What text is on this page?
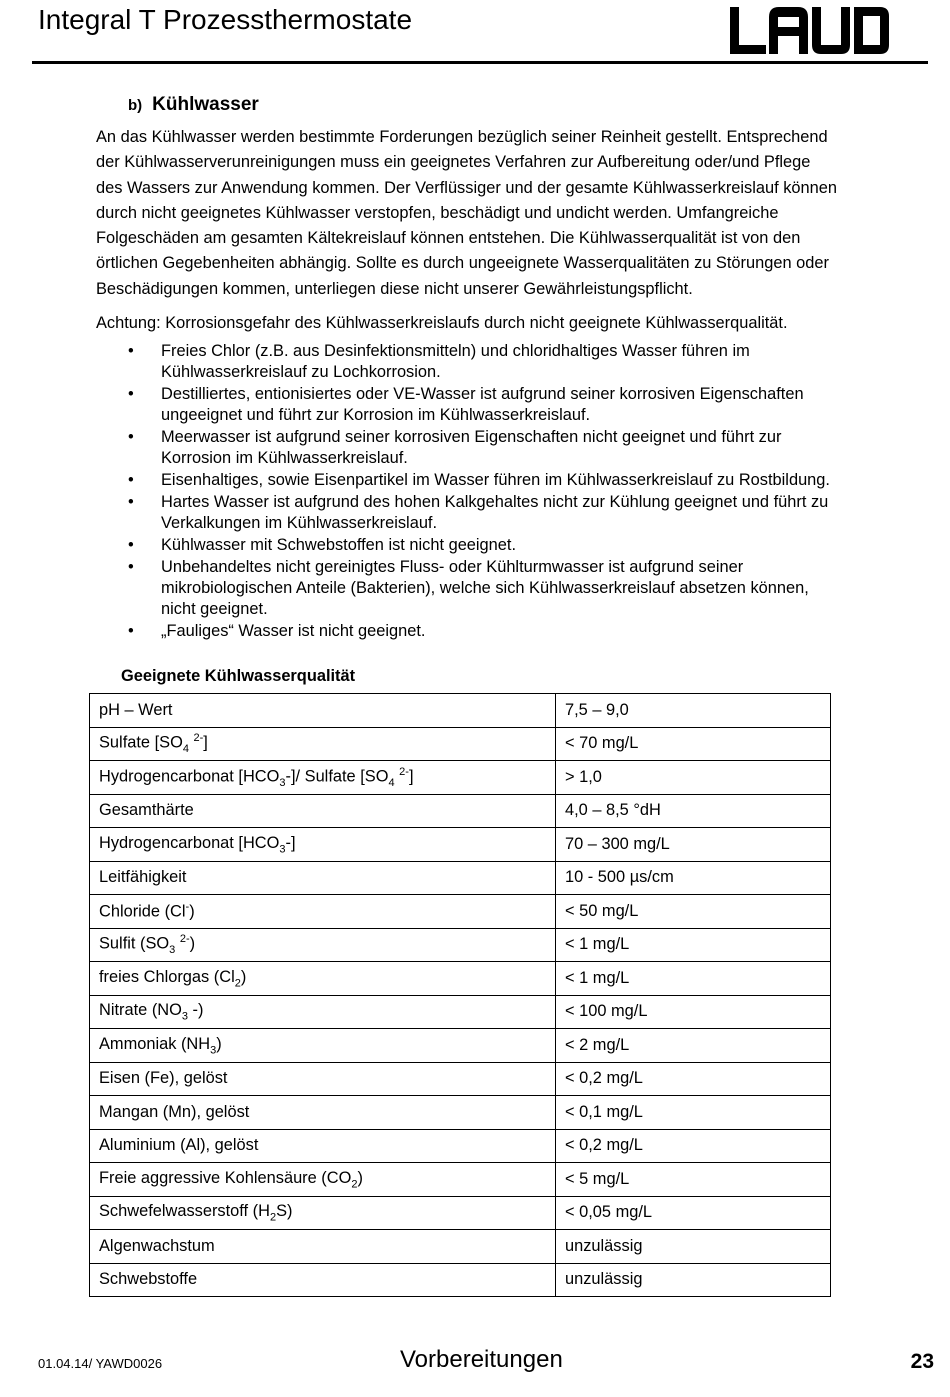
Integral T Prozessthermostate
b) Kühlwasser

An das Kühlwasser werden bestimmte Forderungen bezüglich seiner Reinheit gestellt. Entsprechend
der Kühlwasserverunreinigungen muss ein geeignetes Verfahren zur Aufbereitung oder/und Pflege
des Wassers zur Anwendung kommen. Der Verflüssiger und der gesamte Kühlwasserkreislauf können
durch nicht geeignetes Kühlwasser verstopfen, beschädigt und undicht werden. Umfangreiche
Folgeschäden am gesamten Kältekreislauf können entstehen. Die Kühlwasserqualität ist von den
örtlichen Gegebenheiten abhängig. Sollte es durch ungeeignete Wasserqualitäten zu Störungen oder
Beschädigungen kommen, unterliegen diese nicht unserer Gewährleistungspflicht.

Achtung: Korrosionsgefahr des Kühlwasserkreislaufs durch nicht geeignete Kühlwasserqualität.

• Freies Chlor (z.B. aus Desinfektionsmitteln) und chloridhaltiges Wasser führen im
Kühlwasserkreislauf zu Lochkorrosion.
• Destilliertes, entionisiertes oder VE-Wasser ist aufgrund seiner korrosiven Eigenschaften
ungeeignet und führt zur Korrosion im Kühlwasserkreislauf.
• Meerwasser ist aufgrund seiner korrosiven Eigenschaften nicht geeignet und führt zur
Korrosion im Kühlwasserkreislauf.
• Eisenhaltiges, sowie Eisenpartikel im Wasser führen im Kühlwasserkreislauf zu Rostbildung.
• Hartes Wasser ist aufgrund des hohen Kalkgehaltes nicht zur Kühlung geeignet und führt zu
Verkalkungen im Kühlwasserkreislauf.
• Kühlwasser mit Schwebstoffen ist nicht geeignet.
• Unbehandeltes nicht gereinigtes Fluss- oder Kühlturmwasser ist aufgrund seiner
mikrobiologischen Anteile (Bakterien), welche sich Kühlwasserkreislauf absetzen können,
nicht geeignet.
• „Fauliges“ Wasser ist nicht geeignet.
Geeignete Kühlwasserqualität
pH – Wert	7,5 – 9,0
Sulfate [$SO_4$ $^{2-}$]	< 70 mg/L
Hydrogencarbonat $[HCO_3-]/$ Sulfate [$SO_4$ $^{2-}$]	> 1,0
Gesamthärte	4,0 – 8,5 °dH
Hydrogencarbonat $[HCO_3-]$	70 – 300 mg/L
Leitfähigkeit	10 - 500 µs/cm
Chloride (Cl-)	< 50 mg/L
Sulfit ($SO_3$ $^{2-}$)	< 1 mg/L
freies Chlorgas $(Cl_2)$	< 1 mg/L
Nitrate ($NO_3$ -)	< 100 mg/L
Ammoniak $(NH_3)$	< 2 mg/L
Eisen (Fe), gelöst	< 0,2 mg/L
Mangan (Mn), gelöst	< 0,1 mg/L
Aluminium (Al), gelöst	< 0,2 mg/L
Freie aggressive Kohlensäure $(CO_2)$	< 5 mg/L
Schwefelwasserstoff $(H_2S)$	< 0,05 mg/L
Algenwachstum	unzulässig
Schwebstoffe	unzulässig
01.04.14/ YAWD0026	Vorbereitungen	23
